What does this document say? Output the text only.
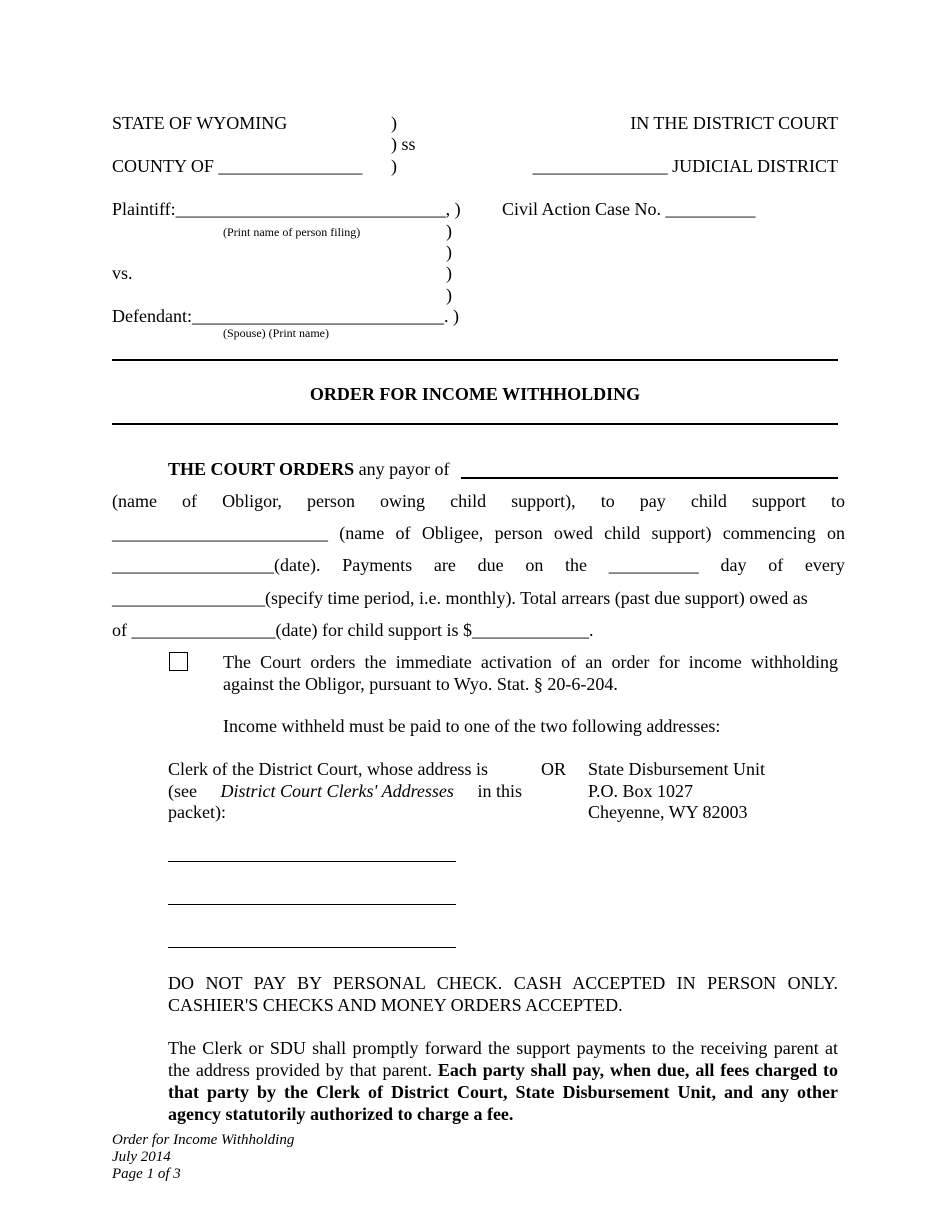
STATE OF WYOMING
COUNTY OF ________________
)
) ss
)
IN THE DISTRICT COURT
_______________ JUDICIAL DISTRICT
Plaintiff:______________________________, )
(Print name of person filing)
Civil Action Case No. __________
)
)
vs.	)
)
Defendant:____________________________. )
(Spouse) (Print name)
ORDER FOR INCOME WITHHOLDING
THE COURT ORDERS any payor of
(name of Obligor, person owing child support), to pay child support to
________________________ (name of Obligee, person owed child support) commencing on
__________________(date). Payments are due on the __________ day of every
_________________(specify time period, i.e. monthly). Total arrears (past due support) owed as
of ________________(date) for child support is $_____________.
The Court orders the immediate activation of an order for income withholding against the Obligor, pursuant to Wyo. Stat. § 20-6-204.
Income withheld must be paid to one of the two following addresses:
Clerk of the District Court, whose address is
(see District Court Clerks' Addresses in this
packet):
OR State Disbursement Unit
P.O. Box 1027
Cheyenne, WY 82003
DO NOT PAY BY PERSONAL CHECK. CASH ACCEPTED IN PERSON ONLY. CASHIER'S CHECKS AND MONEY ORDERS ACCEPTED.
The Clerk or SDU shall promptly forward the support payments to the receiving parent at the address provided by that parent. Each party shall pay, when due, all fees charged to that party by the Clerk of District Court, State Disbursement Unit, and any other agency statutorily authorized to charge a fee.
Order for Income Withholding
July 2014
Page 1 of 3
